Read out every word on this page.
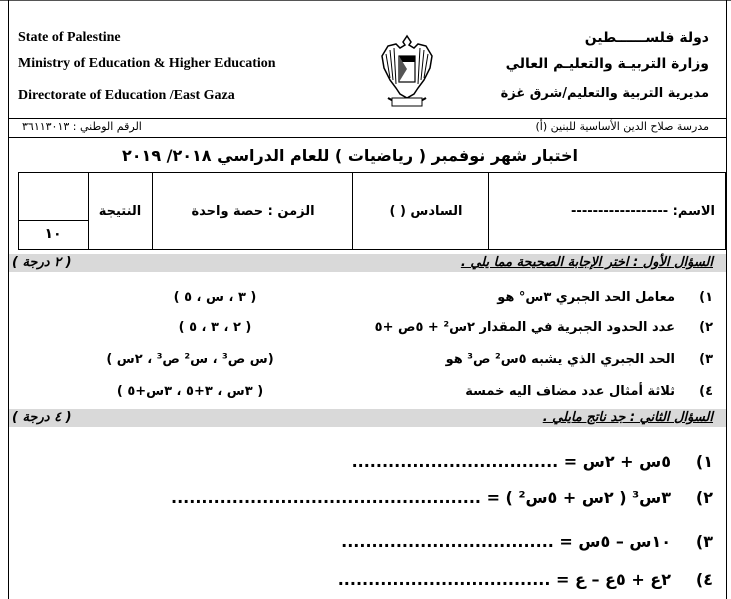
State of Palestine
Ministry of Education & Higher Education
Directorate of Education /East Gaza
دولة فلســــــطين
وزارة التربيـة والتعليـم العالي
مديرية التربية والتعليم/شرق غزة
مدرسة صلاح الدين الأساسية للبنين (أ)
الرقم الوطني : ٣٦١١٣٠١٣
اختبار شهر نوفمبر ( رياضيات ) للعام الدراسي ٢٠١٨/ ٢٠١٩
الاسم: ------------------
السادس ( )
الزمن : حصة واحدة
النتيجة
١٠
السؤال الأول : اختر الإجابة الصحيحة مما يلي .
( ٢ درجة )
١)
معامل الحد الجبري ٣س° هو
( ٣ ، س ، ٥ )
٢)
عدد الحدود الجبرية في المقدار ٢س² + ٥ص +٥
( ٢ ، ٣ ، ٥ )
٣)
الحد الجبري الذي يشبه ٥س² ص³ هو
(س ص³ ، س² ص³ ، ٢س )
٤)
ثلاثة أمثال عدد مضاف اليه خمسة
( ٣س ، ٣+٥ ، ٣س+٥ )
السؤال الثاني : جد ناتج مايلي .
( ٤ درجة )
١)
٥س + ٢س = ..................................
٢)
٣س³ ( ٢س + ٥س² ) = ...................................................
٣)
١٠س – ٥س = ...................................
٤)
٢ع + ٥ع – ع = ...................................
